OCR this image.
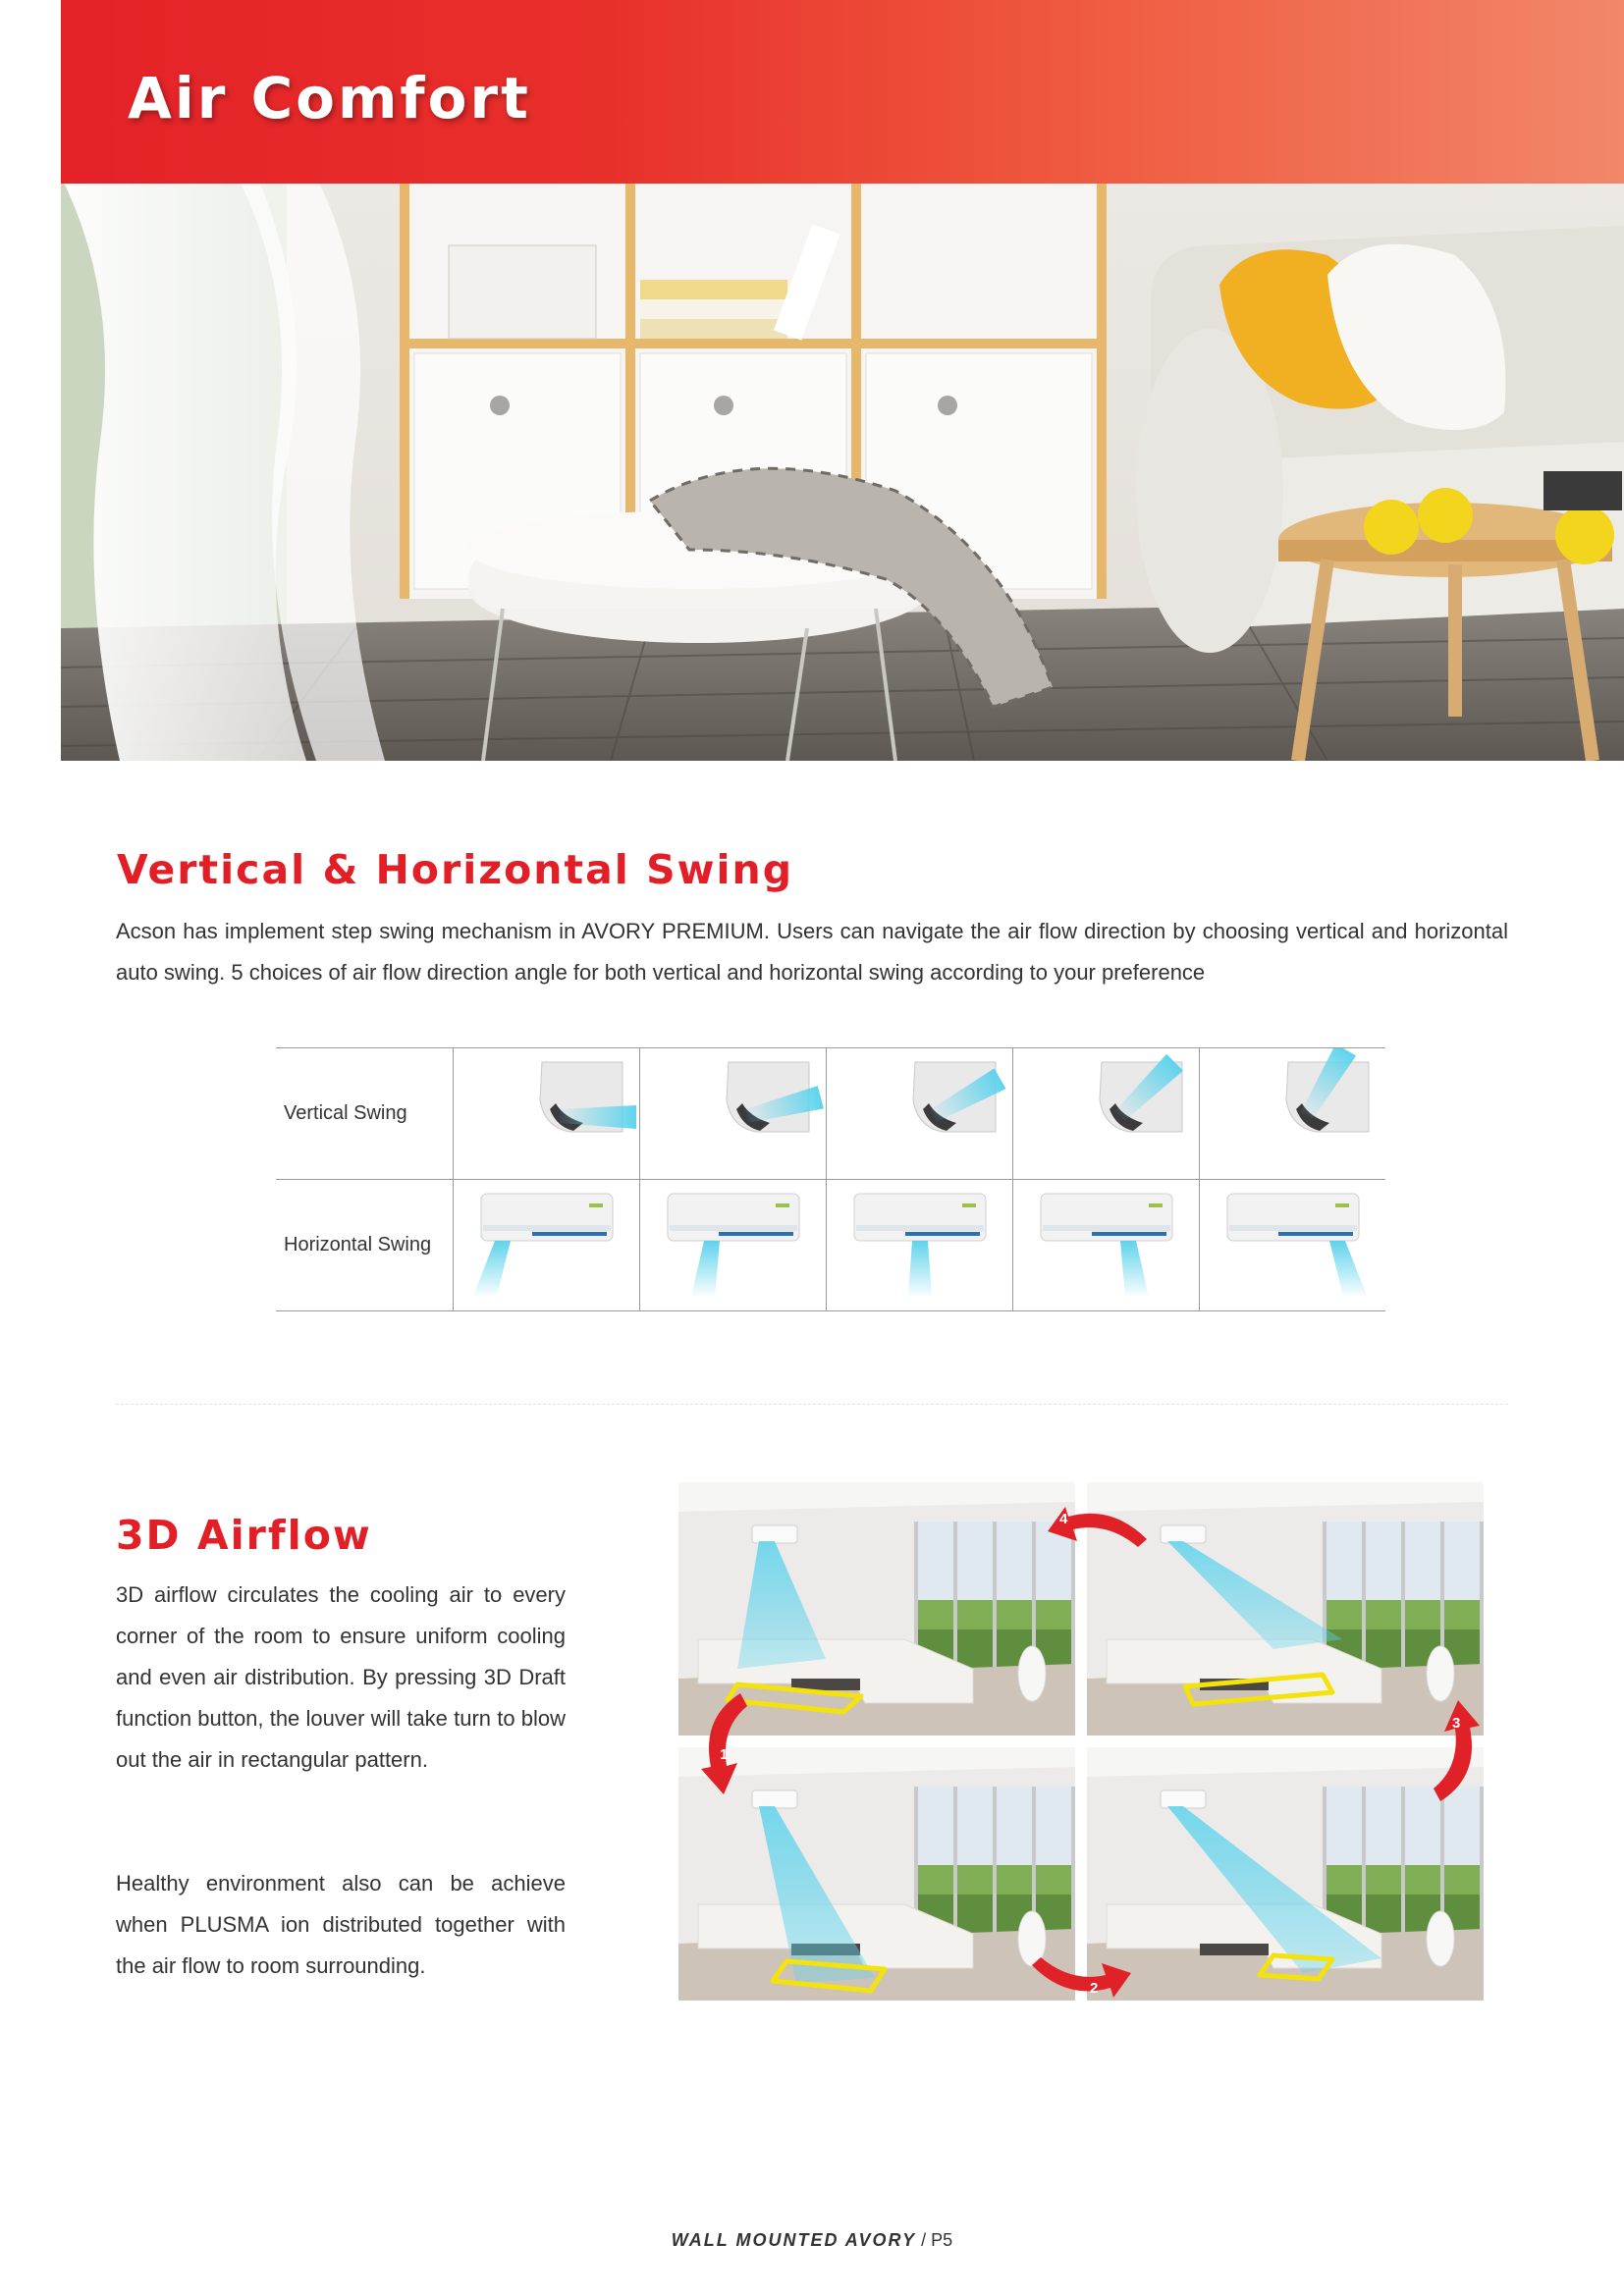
Air Comfort
Vertical & Horizontal Swing
Acson has implement step swing mechanism in AVORY PREMIUM. Users can navigate the air flow direction by choosing vertical and horizontal auto swing. 5 choices of air flow direction angle for both vertical and horizontal swing according to your preference
Vertical Swing	

Horizontal Swing	

3D Airflow
3D airflow circulates the cooling air to every corner of the room to ensure uniform cooling and even air distribution. By pressing 3D Draft function button, the louver will take turn to blow out the air in rectangular pattern.
Healthy environment also can be achieve when PLUSMA ion distributed together with the air flow to room surrounding.
1
2
3
4
WALL MOUNTED AVORY / P5
